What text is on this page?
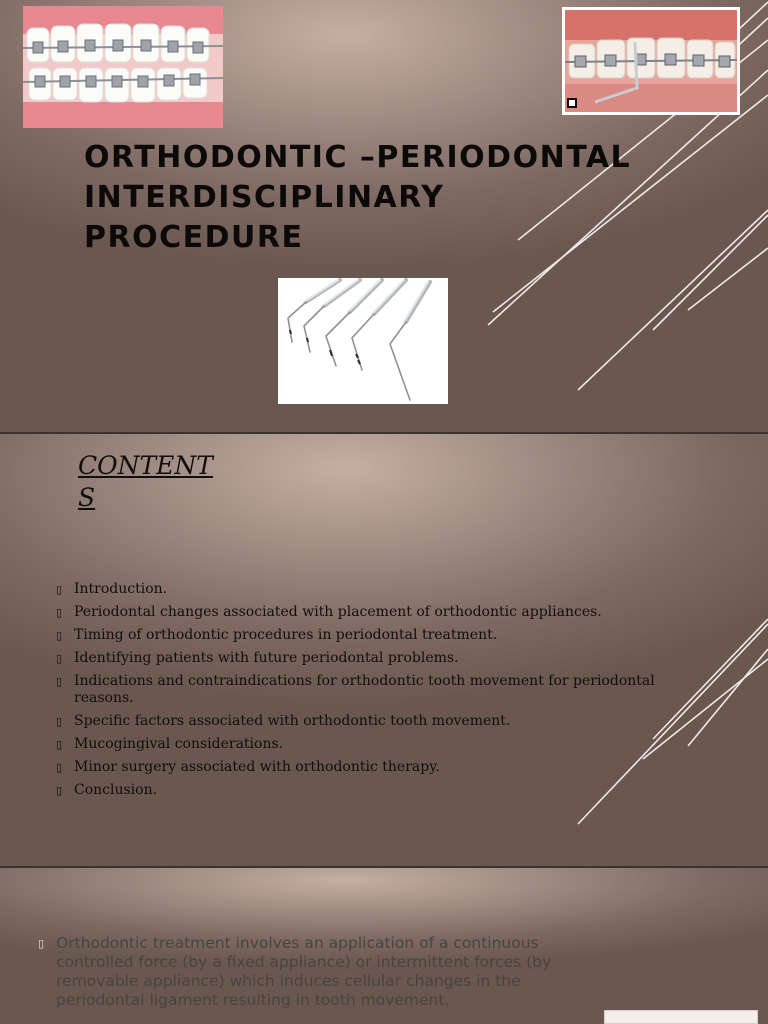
ORTHODONTIC –PERIODONTAL
INTERDISCIPLINARY
PROCEDURE
CONTENTS
▯ Introduction.
▯ Periodontal changes associated with placement of orthodontic appliances.
▯ Timing of orthodontic procedures in periodontal treatment.
▯ Identifying patients with future periodontal problems.
▯ Indications and contraindications for orthodontic tooth movement for periodontal reasons.
▯ Specific factors associated with orthodontic tooth movement.
▯ Mucogingival considerations.
▯ Minor surgery associated with orthodontic therapy.
▯ Conclusion.
▯ Orthodontic treatment involves an application of a continuous controlled force (by a fixed appliance) or intermittent forces (by removable appliance) which induces cellular changes in the periodontal ligament resulting in tooth movement.
